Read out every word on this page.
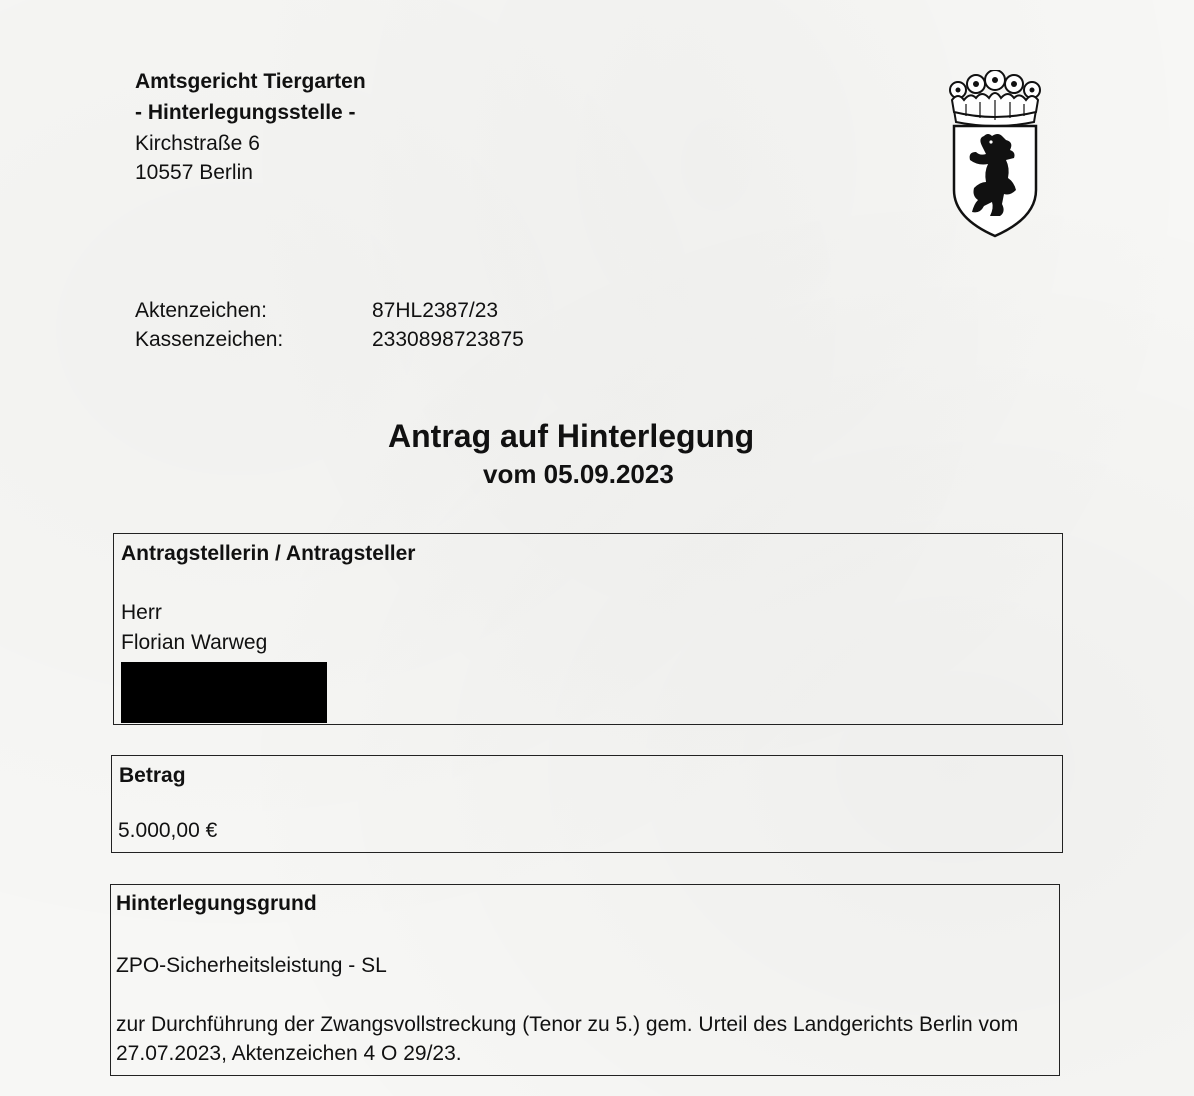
Amtsgericht Tiergarten
- Hinterlegungsstelle -
Kirchstraße 6
10557 Berlin
Aktenzeichen:	87HL2387/23
Kassenzeichen:	2330898723875
Antrag auf Hinterlegung
vom 05.09.2023
Antragstellerin / Antragsteller
Herr
Florian Warweg
Betrag
5.000,00 €
Hinterlegungsgrund
ZPO-Sicherheitsleistung - SL
zur Durchführung der Zwangsvollstreckung (Tenor zu 5.) gem. Urteil des Landgerichts Berlin vom
27.07.2023, Aktenzeichen 4 O 29/23.
